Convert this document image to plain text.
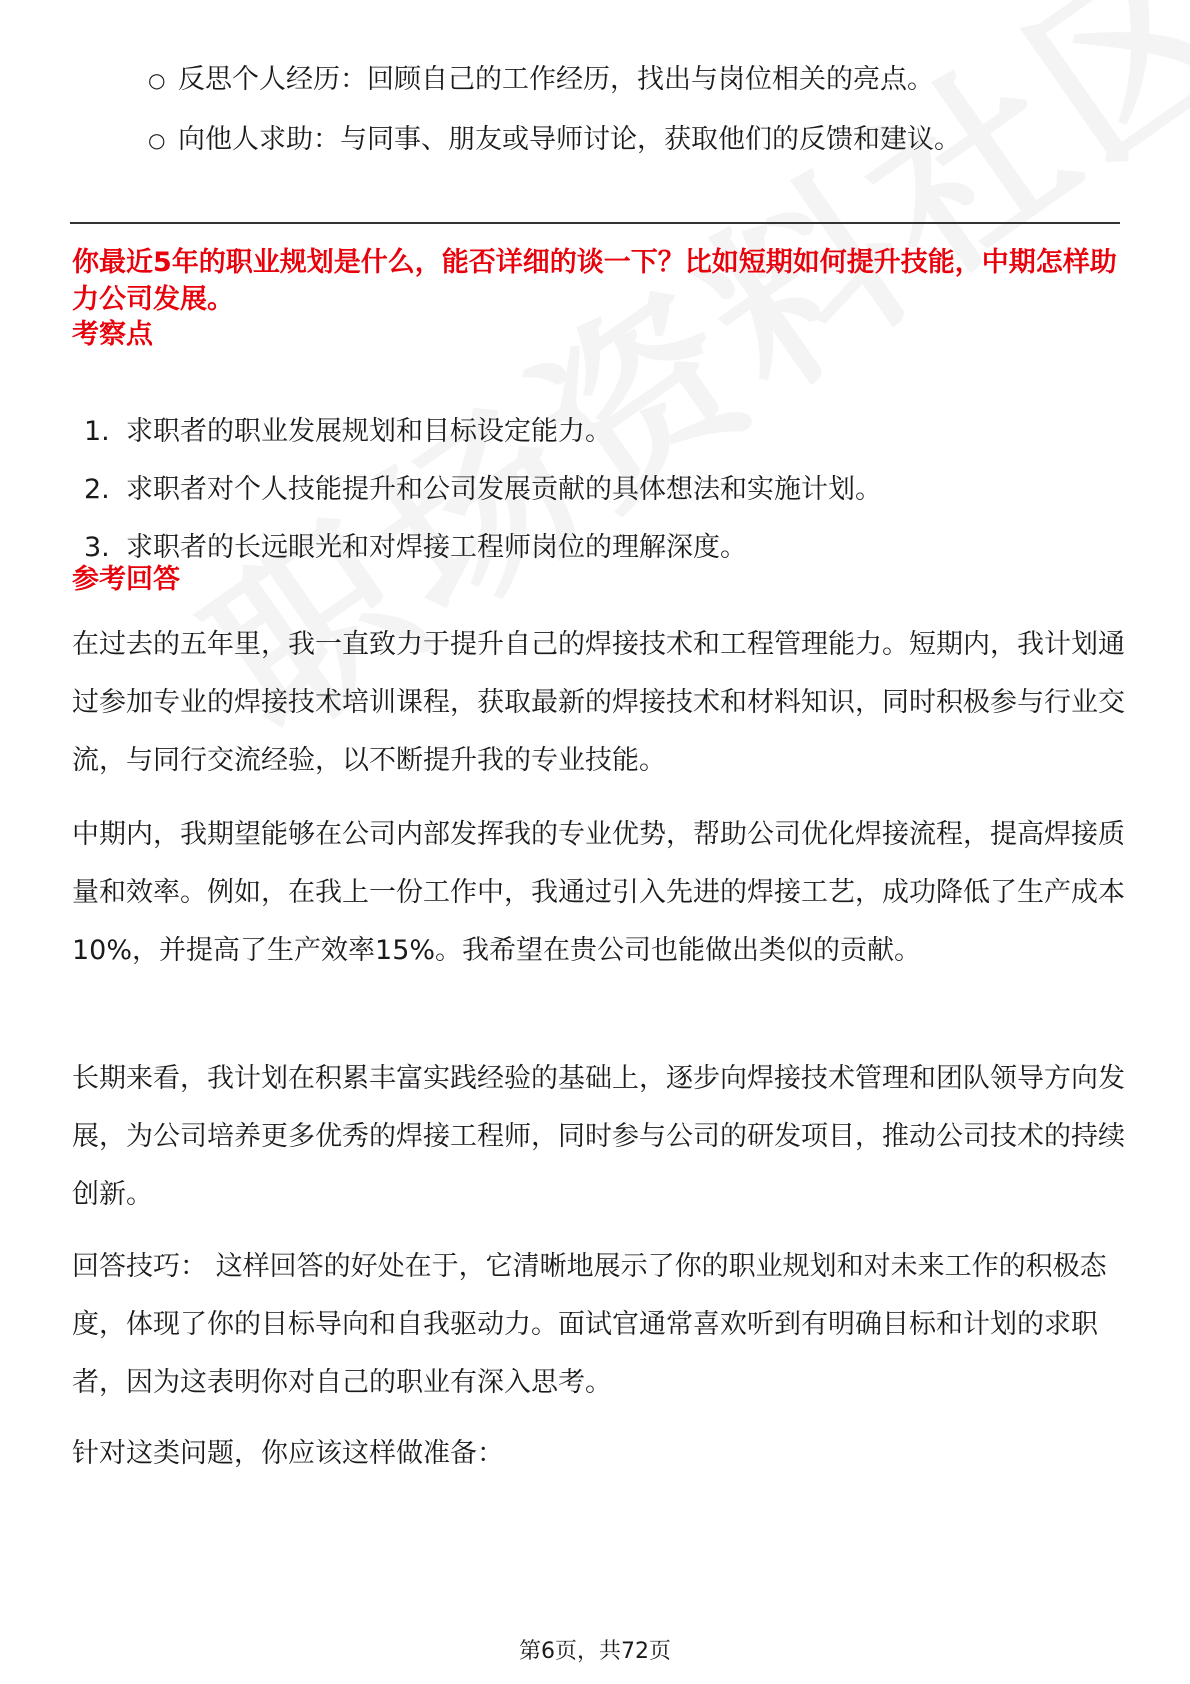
○ 反思个人经历：回顾自己的工作经历，找出与岗位相关的亮点。
○ 向他人求助：与同事、朋友或导师讨论，获取他们的反馈和建议。
你最近5年的职业规划是什么，能否详细的谈一下？比如短期如何提升技能，中期怎样助力公司发展。
考察点
1. 求职者的职业发展规划和目标设定能力。
2. 求职者对个人技能提升和公司发展贡献的具体想法和实施计划。
3. 求职者的长远眼光和对焊接工程师岗位的理解深度。
参考回答
在过去的五年里，我一直致力于提升自己的焊接技术和工程管理能力。短期内，我计划通过参加专业的焊接技术培训课程，获取最新的焊接技术和材料知识，同时积极参与行业交流，与同行交流经验，以不断提升我的专业技能。
中期内，我期望能够在公司内部发挥我的专业优势，帮助公司优化焊接流程，提高焊接质量和效率。例如，在我上一份工作中，我通过引入先进的焊接工艺，成功降低了生产成本10%，并提高了生产效率15%。我希望在贵公司也能做出类似的贡献。
长期来看，我计划在积累丰富实践经验的基础上，逐步向焊接技术管理和团队领导方向发展，为公司培养更多优秀的焊接工程师，同时参与公司的研发项目，推动公司技术的持续创新。
回答技巧： 这样回答的好处在于，它清晰地展示了你的职业规划和对未来工作的积极态度，体现了你的目标导向和自我驱动力。面试官通常喜欢听到有明确目标和计划的求职者，因为这表明你对自己的职业有深入思考。
针对这类问题，你应该这样做准备：
第6页，共72页
